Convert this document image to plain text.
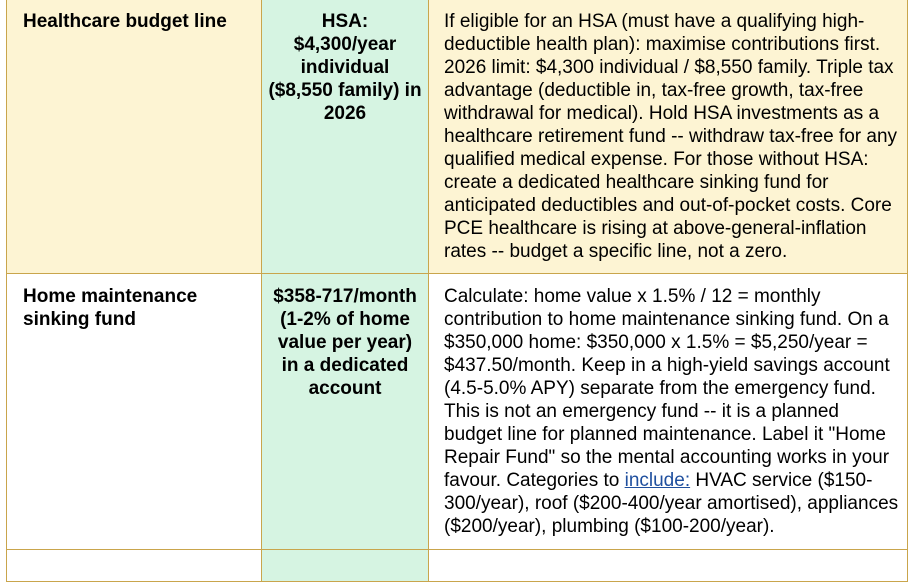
Healthcare budget line	HSA: $4,300/year individual ($8,550 family) in 2026	If eligible for an HSA (must have a qualifying high-deductible health plan): maximise contributions first. 2026 limit: $4,300 individual / $8,550 family. Triple tax advantage (deductible in, tax-free growth, tax-free withdrawal for medical). Hold HSA investments as a healthcare retirement fund -- withdraw tax-free for any qualified medical expense. For those without HSA: create a dedicated healthcare sinking fund for anticipated deductibles and out-of-pocket costs. Core PCE healthcare is rising at above-general-inflation rates -- budget a specific line, not a zero.
Home maintenance sinking fund	$358-717/month (1-2% of home value per year) in a dedicated account	Calculate: home value x 1.5% / 12 = monthly contribution to home maintenance sinking fund. On a $350,000 home: $350,000 x 1.5% = $5,250/year = $437.50/month. Keep in a high-yield savings account (4.5-5.0% APY) separate from the emergency fund. This is not an emergency fund -- it is a planned budget line for planned maintenance. Label it "Home Repair Fund" so the mental accounting works in your favour. Categories to include: HVAC service ($150-300/year), roof ($200-400/year amortised), appliances ($200/year), plumbing ($100-200/year).
